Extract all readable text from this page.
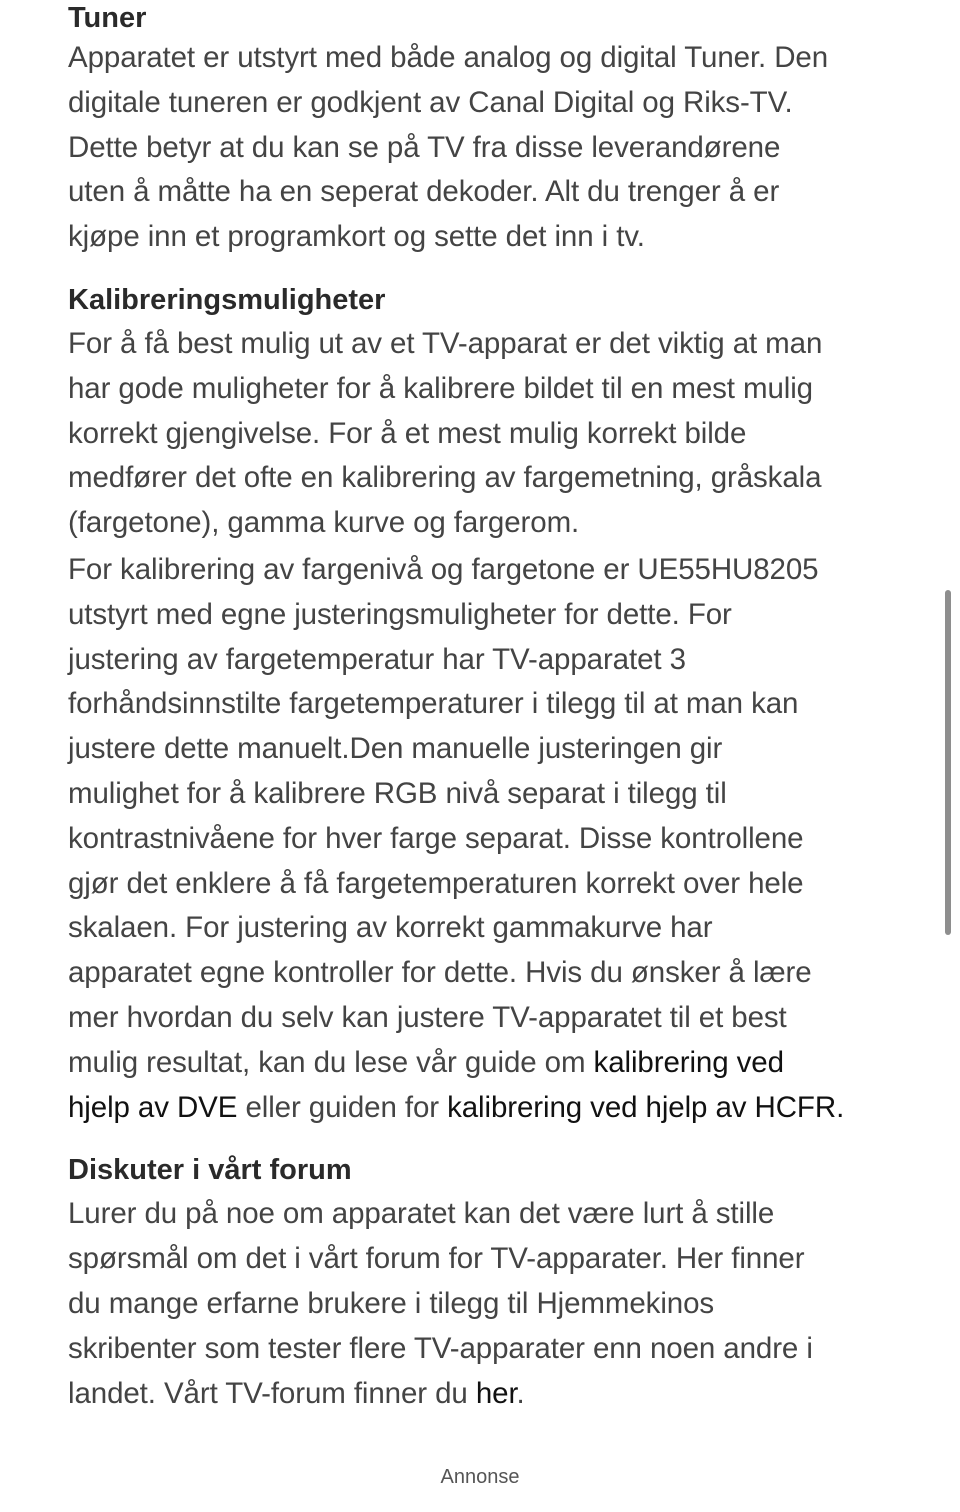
Tuner

Apparatet er utstyrt med både analog og digital Tuner. Den
digitale tuneren er godkjent av Canal Digital og Riks-TV.
Dette betyr at du kan se på TV fra disse leverandørene
uten å måtte ha en seperat dekoder. Alt du trenger å er
kjøpe inn et programkort og sette det inn i tv.

Kalibreringsmuligheter

For å få best mulig ut av et TV-apparat er det viktig at man
har gode muligheter for å kalibrere bildet til en mest mulig
korrekt gjengivelse. For å et mest mulig korrekt bilde
medfører det ofte en kalibrering av fargemetning, gråskala
(fargetone), gamma kurve og fargerom.

For kalibrering av fargenivå og fargetone er UE55HU8205
utstyrt med egne justeringsmuligheter for dette. For
justering av fargetemperatur har TV-apparatet 3
forhåndsinnstilte fargetemperaturer i tilegg til at man kan
justere dette manuelt.Den manuelle justeringen gir
mulighet for å kalibrere RGB nivå separat i tilegg til
kontrastnivåene for hver farge separat. Disse kontrollene
gjør det enklere å få fargetemperaturen korrekt over hele
skalaen. For justering av korrekt gammakurve har
apparatet egne kontroller for dette. Hvis du ønsker å lære
mer hvordan du selv kan justere TV-apparatet til et best
mulig resultat, kan du lese vår guide om kalibrering ved
hjelp av DVE eller guiden for kalibrering ved hjelp av HCFR.

Diskuter i vårt forum

Lurer du på noe om apparatet kan det være lurt å stille
spørsmål om det i vårt forum for TV-apparater. Her finner
du mange erfarne brukere i tilegg til Hjemmekinos
skribenter som tester flere TV-apparater enn noen andre i
landet. Vårt TV-forum finner du her.

Annonse
